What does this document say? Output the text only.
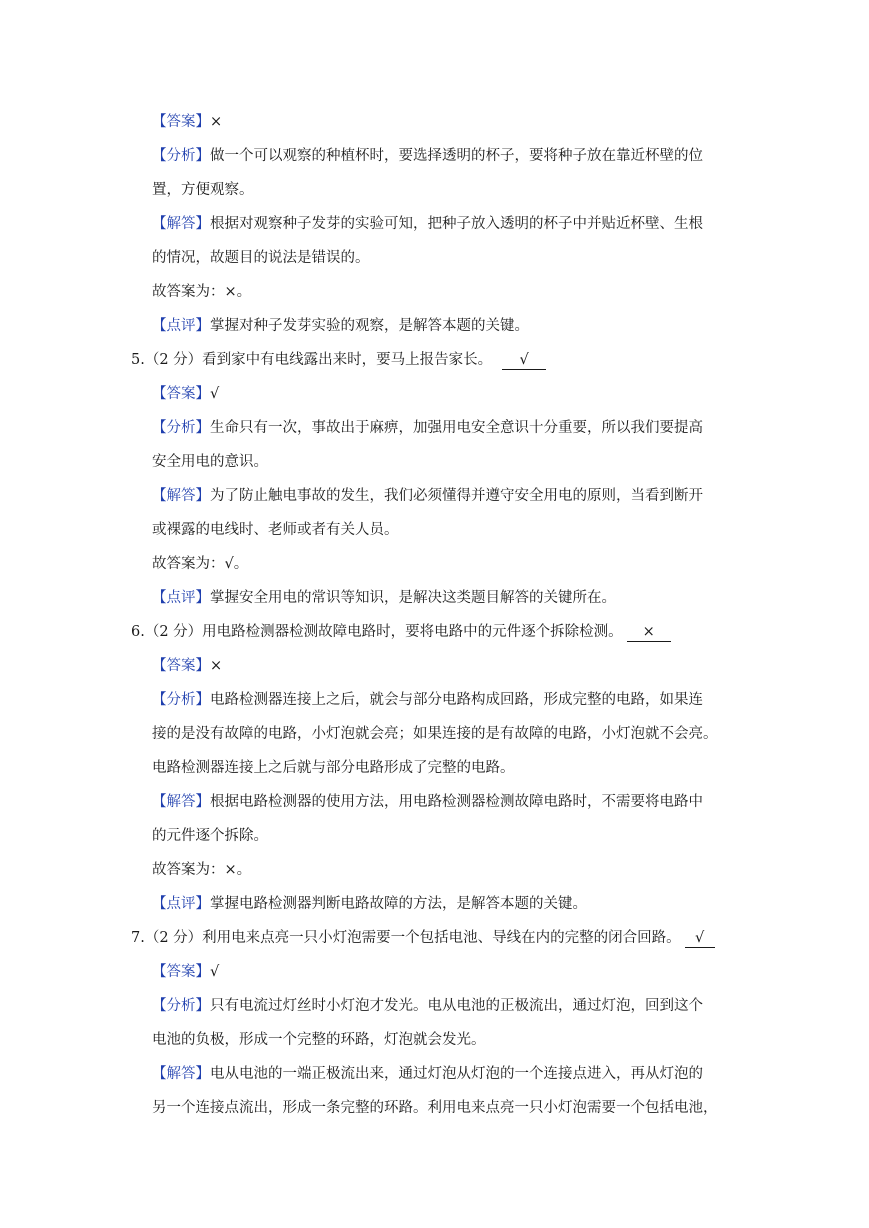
【 答案 】 ×
【 分析 】 做一个可以观察的种植杯时，要选择透明的杯子，要将种子放在靠近杯壁的位
置，方便观察。
【 解答 】 根据对观察种子发芽的实验可知，把种子放入透明的杯子中并贴近杯壁、生根
的情况，故题目的说法是错误的。
故答案为：×。
【 点评 】 掌握对种子发芽实验的观察，是解答本题的关键。
5.（2 分）看到家中有电线露出来时，要马上报告家长。 √
【 答案 】 √
【 分析 】 生命只有一次，事故出于麻痹，加强用电安全意识十分重要，所以我们要提高
安全用电的意识。
【 解答 】 为了防止触电事故的发生，我们必须懂得并遵守安全用电的原则，当看到断开
或裸露的电线时、老师或者有关人员。
故答案为：√。
【 点评 】 掌握安全用电的常识等知识，是解决这类题目解答的关键所在。
6.（2 分）用电路检测器检测故障电路时，要将电路中的元件逐个拆除检测。 ×
【 答案 】 ×
【 分析 】 电路检测器连接上之后，就会与部分电路构成回路，形成完整的电路，如果连
接的是没有故障的电路，小灯泡就会亮；如果连接的是有故障的电路，小灯泡就不会亮。
电路检测器连接上之后就与部分电路形成了完整的电路。
【 解答 】 根据电路检测器的使用方法，用电路检测器检测故障电路时，不需要将电路中
的元件逐个拆除。
故答案为：×。
【 点评 】 掌握电路检测器判断电路故障的方法，是解答本题的关键。
7.（2 分）利用电来点亮一只小灯泡需要一个包括电池、导线在内的完整的闭合回路。 √
【 答案 】 √
【 分析 】 只有电流过灯丝时小灯泡才发光。电从电池的正极流出，通过灯泡，回到这个
电池的负极，形成一个完整的环路，灯泡就会发光。
【 解答 】 电从电池的一端正极流出来，通过灯泡从灯泡的一个连接点进入，再从灯泡的
另一个连接点流出，形成一条完整的环路。利用电来点亮一只小灯泡需要一个包括电池，
